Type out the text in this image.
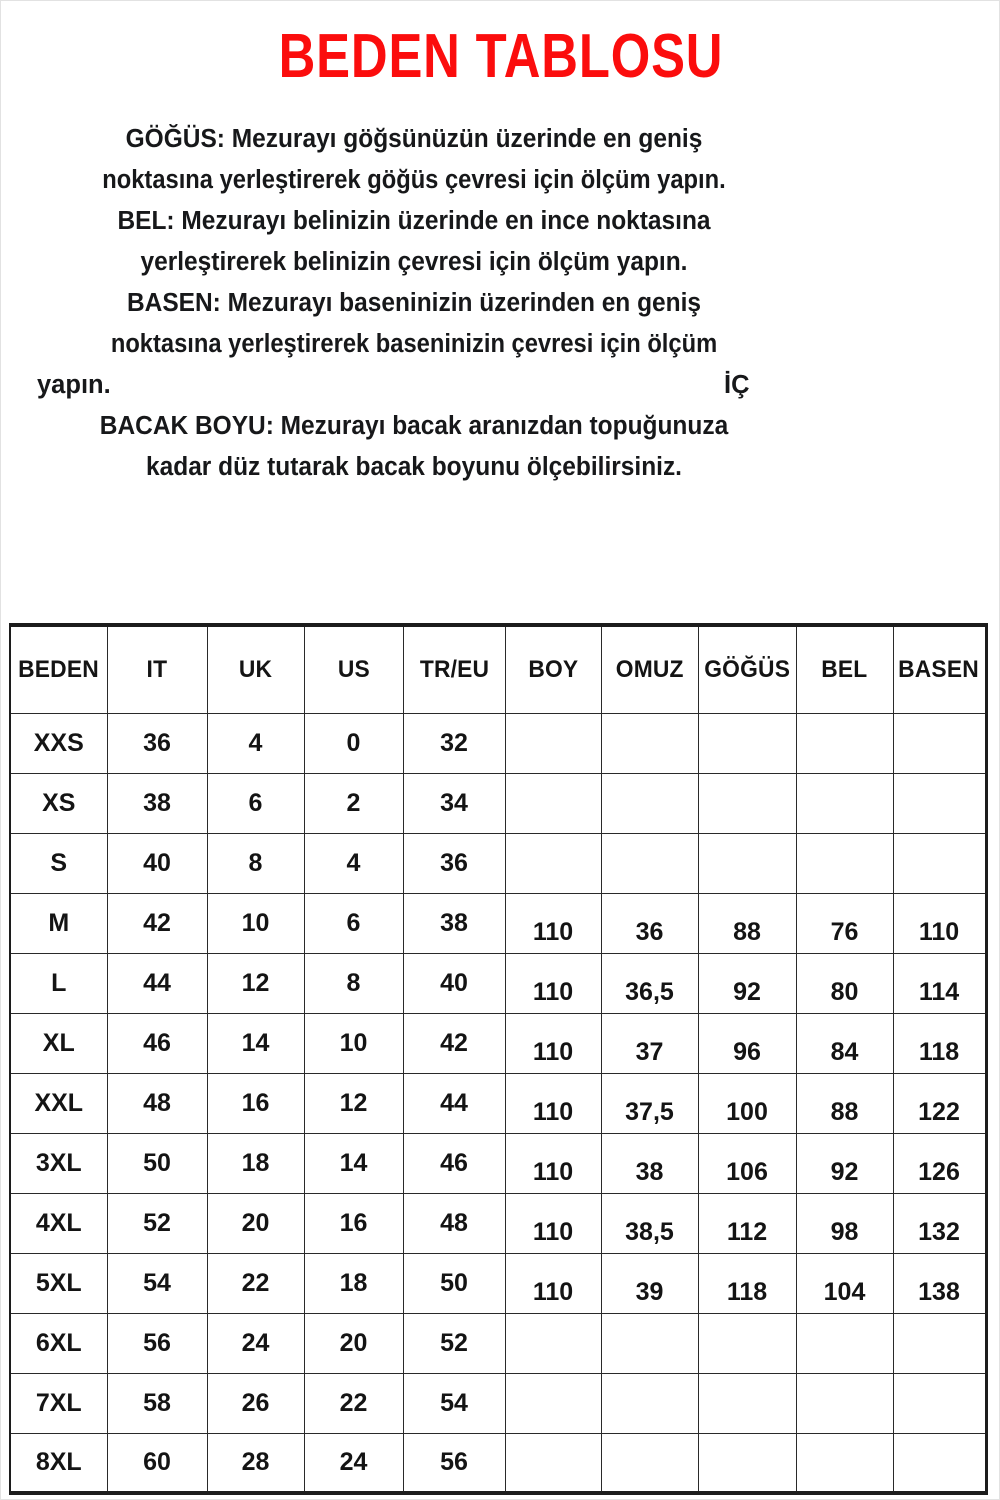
BEDEN TABLOSU
GÖĞÜS: Mezurayı göğsünüzün üzerinde en geniş
noktasına yerleştirerek göğüs çevresi için ölçüm yapın.
BEL: Mezurayı belinizin üzerinde en ince noktasına
yerleştirerek belinizin çevresi için ölçüm yapın.
BASEN: Mezurayı baseninizin üzerinden en geniş
noktasına yerleştirerek baseninizin çevresi için ölçüm
yapın.	İÇ
BACAK BOYU: Mezurayı bacak aranızdan topuğunuza
kadar düz tutarak bacak boyunu ölçebilirsiniz.
BEDEN	IT	UK	US	TR/EU	BOY	OMUZ	GÖĞÜS	BEL	BASEN
XXS	36	4	0	32					
XS	38	6	2	34					
S	40	8	4	36					
M	42	10	6	38	110	36	88	76	110
L	44	12	8	40	110	36,5	92	80	114
XL	46	14	10	42	110	37	96	84	118
XXL	48	16	12	44	110	37,5	100	88	122
3XL	50	18	14	46	110	38	106	92	126
4XL	52	20	16	48	110	38,5	112	98	132
5XL	54	22	18	50	110	39	118	104	138
6XL	56	24	20	52					
7XL	58	26	22	54					
8XL	60	28	24	56					
